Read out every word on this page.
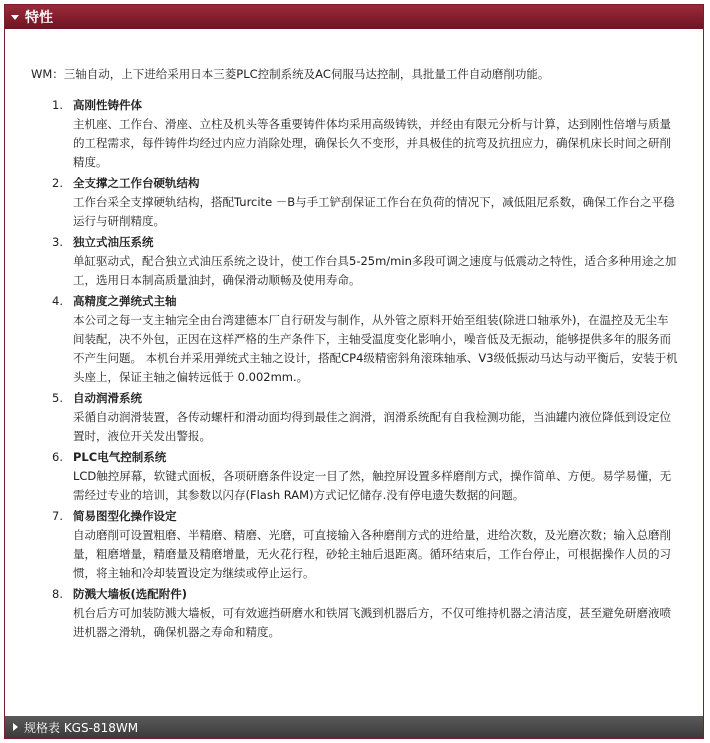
特性

WM：三轴自动，上下进给采用日本三菱PLC控制系统及AC伺服马达控制，具批量工件自动磨削功能。

1. 高刚性铸件体
主机座、工作台、滑座、立柱及机头等各重要铸件体均采用高级铸铁，并经由有限元分析与计算，达到刚性倍增与质量的工程需求，每件铸件均经过内应力消除处理，确保长久不变形，并具极佳的抗弯及抗扭应力，确保机床长时间之研削精度。
2. 全支撑之工作台硬轨结构
工作台采全支撑硬轨结构，搭配Turcite －B与手工铲刮保证工作台在负荷的情况下，减低阻尼系数，确保工作台之平稳运行与研削精度。
3. 独立式油压系统
单缸驱动式，配合独立式油压系统之设计，使工作台具5-25m/min多段可调之速度与低震动之特性，适合多种用途之加工，选用日本制高质量油封，确保滑动顺畅及使用寿命。
4. 高精度之弹统式主轴
本公司之每一支主轴完全由台湾建德本厂自行研发与制作，从外管之原料开始至组装(除进口轴承外)，在温控及无尘车间装配，决不外包，正因在这样严格的生产条件下，主轴受温度变化影响小，噪音低及无振动，能够提供多年的服务而不产生问题。 本机台并采用弹统式主轴之设计，搭配CP4级精密斜角滚珠轴承、V3级低振动马达与动平衡后，安装于机头座上，保证主轴之偏转远低于 0.002mm.。
5. 自动润滑系统
采循自动润滑装置，各传动螺杆和滑动面均得到最佳之润滑，润滑系统配有自我检测功能，当油罐内液位降低到设定位置时，液位开关发出警报。
6. PLC电气控制系统
LCD触控屏幕，软键式面板，各项研磨条件设定一目了然，触控屏设置多样磨削方式，操作简单、方便。易学易懂，无需经过专业的培训，其参数以闪存(Flash RAM)方式记忆储存.没有停电遗失数据的问题。
7. 简易图型化操作设定
自动磨削可设置粗磨、半精磨、精磨、光磨，可直接输入各种磨削方式的进给量，进给次数，及光磨次数；输入总磨削量，粗磨增量，精磨量及精磨增量，无火花行程，砂轮主轴后退距离。循环结束后，工作台停止，可根据操作人员的习惯，将主轴和冷却装置设定为继续或停止运行。
8. 防溅大墙板(选配附件)
机台后方可加装防溅大墙板，可有效遮挡研磨水和铁屑飞溅到机器后方，不仅可维持机器之清洁度，甚至避免研磨液喷进机器之滑轨，确保机器之寿命和精度。
规格表 KGS-818WM
